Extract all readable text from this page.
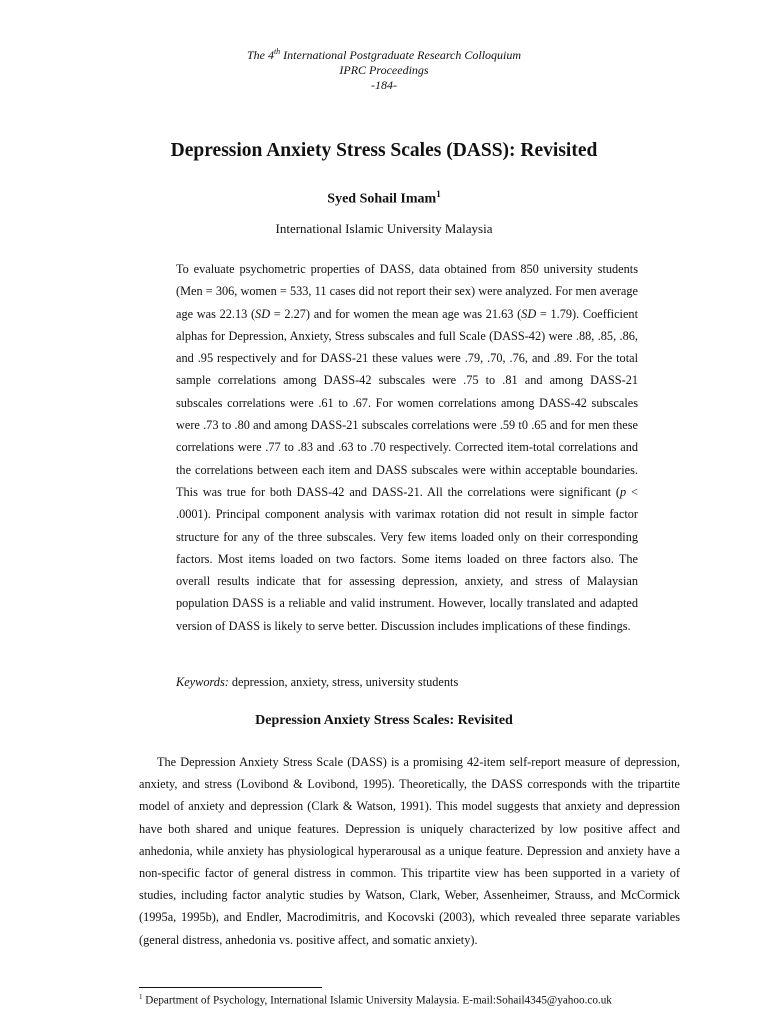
The 4th International Postgraduate Research Colloquium
IPRC Proceedings
-184-
Depression Anxiety Stress Scales (DASS): Revisited
Syed Sohail Imam$^1$
International Islamic University Malaysia

To evaluate psychometric properties of DASS, data obtained from 850 university students (Men = 306, women = 533, 11 cases did not report their sex) were analyzed. For men average age was 22.13 (SD = 2.27) and for women the mean age was 21.63 (SD = 1.79). Coefficient alphas for Depression, Anxiety, Stress subscales and full Scale (DASS-42) were .88, .85, .86, and .95 respectively and for DASS-21 these values were .79, .70, .76, and .89. For the total sample correlations among DASS-42 subscales were .75 to .81 and among DASS-21 subscales correlations were .61 to .67. For women correlations among DASS-42 subscales were .73 to .80 and among DASS-21 subscales correlations were .59 t0 .65 and for men these correlations were .77 to .83 and .63 to .70 respectively. Corrected item-total correlations and the correlations between each item and DASS subscales were within acceptable boundaries. This was true for both DASS-42 and DASS-21. All the correlations were significant (p < .0001). Principal component analysis with varimax rotation did not result in simple factor structure for any of the three subscales. Very few items loaded only on their corresponding factors. Most items loaded on two factors. Some items loaded on three factors also. The overall results indicate that for assessing depression, anxiety, and stress of Malaysian population DASS is a reliable and valid instrument. However, locally translated and adapted version of DASS is likely to serve better. Discussion includes implications of these findings.

Keywords: depression, anxiety, stress, university students
Depression Anxiety Stress Scales: Revisited

The Depression Anxiety Stress Scale (DASS) is a promising 42-item self-report measure of depression, anxiety, and stress (Lovibond & Lovibond, 1995). Theoretically, the DASS corresponds with the tripartite model of anxiety and depression (Clark & Watson, 1991). This model suggests that anxiety and depression have both shared and unique features. Depression is uniquely characterized by low positive affect and anhedonia, while anxiety has physiological hyperarousal as a unique feature. Depression and anxiety have a non-specific factor of general distress in common. This tripartite view has been supported in a variety of studies, including factor analytic studies by Watson, Clark, Weber, Assenheimer, Strauss, and McCormick (1995a, 1995b), and Endler, Macrodimitris, and Kocovski (2003), which revealed three separate variables (general distress, anhedonia vs. positive affect, and somatic anxiety).

$^1$ Department of Psychology, International Islamic University Malaysia. E-mail:Sohail4345@yahoo.co.uk
